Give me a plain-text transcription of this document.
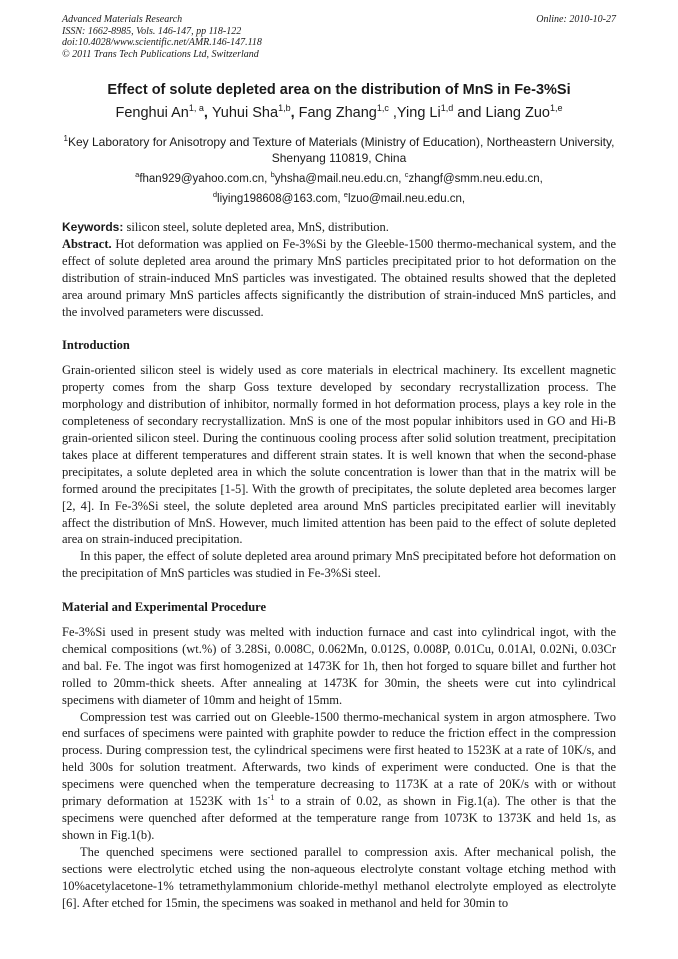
Advanced Materials Research
ISSN: 1662-8985, Vols. 146-147, pp 118-122
doi:10.4028/www.scientific.net/AMR.146-147.118
© 2011 Trans Tech Publications Ltd, Switzerland
Online: 2010-10-27
Effect of solute depleted area on the distribution of MnS in Fe-3%Si
Fenghui An$^{1, a}$, Yuhui Sha$^{1,b}$, Fang Zhang$^{1,c}$ ,Ying Li$^{1,d}$ and Liang Zuo$^{1,e}$
$^1$Key Laboratory for Anisotropy and Texture of Materials (Ministry of Education), Northeastern University, Shenyang 110819, China
$^a$fhan929@yahoo.com.cn, $^b$yhsha@mail.neu.edu.cn, $^c$zhangf@smm.neu.edu.cn,
$^d$liying198608@163.com, $^e$lzuo@mail.neu.edu.cn,

Keywords: silicon steel, solute depleted area, MnS, distribution.

Abstract. Hot deformation was applied on Fe-3%Si by the Gleeble-1500 thermo-mechanical system, and the effect of solute depleted area around the primary MnS particles precipitated prior to hot deformation on the distribution of strain-induced MnS particles was investigated. The obtained results showed that the depleted area around primary MnS particles affects significantly the distribution of strain-induced MnS particles, and the involved parameters were discussed.

Introduction

Grain-oriented silicon steel is widely used as core materials in electrical machinery. Its excellent magnetic property comes from the sharp Goss texture developed by secondary recrystallization process. The morphology and distribution of inhibitor, normally formed in hot deformation process, plays a key role in the completeness of secondary recrystallization. MnS is one of the most popular inhibitors used in GO and Hi-B grain-oriented silicon steel. During the continuous cooling process after solid solution treatment, precipitation takes place at different temperatures and different strain states. It is well known that when the second-phase precipitates, a solute depleted area in which the solute concentration is lower than that in the matrix will be formed around the precipitates [1-5]. With the growth of precipitates, the solute depleted area becomes larger [2, 4]. In Fe-3%Si steel, the solute depleted area around MnS particles precipitated earlier will inevitably affect the distribution of MnS. However, much limited attention has been paid to the effect of solute depleted area on strain-induced precipitation.

In this paper, the effect of solute depleted area around primary MnS precipitated before hot deformation on the precipitation of MnS particles was studied in Fe-3%Si steel.

Material and Experimental Procedure

Fe-3%Si used in present study was melted with induction furnace and cast into cylindrical ingot, with the chemical compositions (wt.%) of 3.28Si, 0.008C, 0.062Mn, 0.012S, 0.008P, 0.01Cu, 0.01Al, 0.02Ni, 0.03Cr and bal. Fe. The ingot was first homogenized at 1473K for 1h, then hot forged to square billet and further hot rolled to 20mm-thick sheets. After annealing at 1473K for 30min, the sheets were cut into cylindrical specimens with diameter of 10mm and height of 15mm.

Compression test was carried out on Gleeble-1500 thermo-mechanical system in argon atmosphere. Two end surfaces of specimens were painted with graphite powder to reduce the friction effect in the compression process. During compression test, the cylindrical specimens were first heated to 1523K at a rate of 10K/s, and held 300s for solution treatment. Afterwards, two kinds of experiment were conducted. One is that the specimens were quenched when the temperature decreasing to 1173K at a rate of 20K/s with or without primary deformation at 1523K with $1s^{-1}$ to a strain of 0.02, as shown in Fig.1(a). The other is that the specimens were quenched after deformed at the temperature range from 1073K to 1373K and held 1s, as shown in Fig.1(b).

The quenched specimens were sectioned parallel to compression axis. After mechanical polish, the sections were electrolytic etched using the non-aqueous electrolyte constant voltage etching method with 10%acetylacetone-1% tetramethylammonium chloride-methyl methanol electrolyte employed as electrolyte [6]. After etched for 15min, the specimens was soaked in methanol and held for 30min to
